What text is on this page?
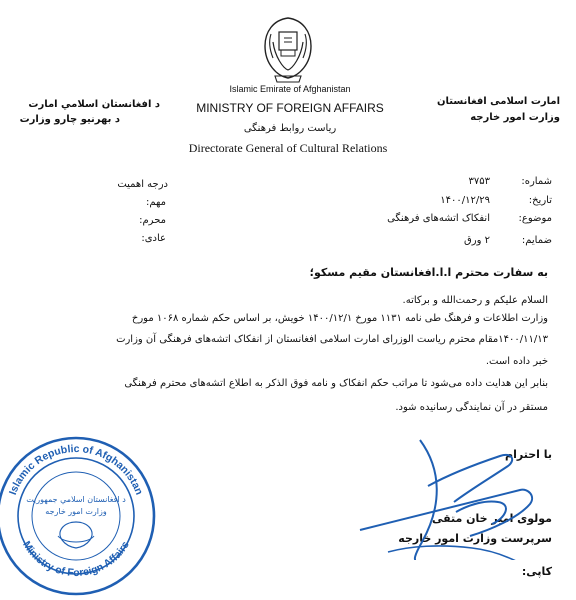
د افغانستان اسلامي امارت
د بهرنیو چارو وزارت
Islamic Emirate of Afghanistan
MINISTRY OF FOREIGN AFFAIRS
ریاست روابط فرهنگی
Directorate General of Cultural Relations
امارت اسلامی افغانستان
وزارت امور خارجه
شماره:
۳۷۵۳
تاریخ:
۱۴۰۰/۱۲/۲۹
موضوع:
انفکاک اتشه‌های فرهنگی
ضمایم:
۲ ورق
درجه اهمیت
مهم:
محرم:
عادی:
به سفارت محترم ا.ا.افغانستان مقیم مسکو؛
السلام علیکم و رحمت‌الله و برکاته.
وزارت اطلاعات و فرهنگ طی نامه ۱۱۳۱ مورخ ۱۴۰۰/۱۲/۱ خویش، بر اساس حکم شماره ۱۰۶۸ مورخ
۱۴۰۰/۱۱/۱۳مقام محترم ریاست الوزرای امارت اسلامی افغانستان از انفکاک اتشه‌های فرهنگی آن وزارت
خبر داده است.
بنابر این هدایت داده می‌شود تا مراتب حکم انفکاک و نامه فوق الذکر به اطلاع اتشه‌های محترم فرهنگی
مستقر در آن نمایندگی رسانیده شود.
با احترام
مولوی امیر خان متقی
سرپرست وزارت امور خارجه
کاپی:
Islamic Republic of Afghanistan
Ministry of Foreign Affairs
د افغانستان اسلامي جمهوريت
وزارت امور خارجه
